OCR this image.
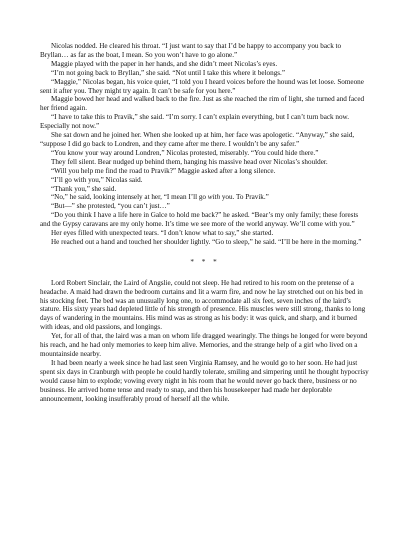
Nicolas nodded. He cleared his throat. “I just want to say that I’d be happy to accompany you back to Bryllan… as far as the boat, I mean. So you won’t have to go alone.”

Maggie played with the paper in her hands, and she didn’t meet Nicolas’s eyes.

“I’m not going back to Bryllan,” she said. “Not until I take this where it belongs.”

“Maggie,” Nicolas began, his voice quiet, “I told you I heard voices before the hound was let loose. Someone sent it after you. They might try again. It can’t be safe for you here.”

Maggie bowed her head and walked back to the fire. Just as she reached the rim of light, she turned and faced her friend again.

“I have to take this to Pravik,” she said. “I’m sorry. I can’t explain everything, but I can’t turn back now. Especially not now.”

She sat down and he joined her. When she looked up at him, her face was apologetic. “Anyway,” she said, “suppose I did go back to Londren, and they came after me there. I wouldn’t be any safer.”

“You know your way around Londren,” Nicolas protested, miserably. “You could hide there.”

They fell silent. Bear nudged up behind them, hanging his massive head over Nicolas’s shoulder.

“Will you help me find the road to Pravik?” Maggie asked after a long silence.

“I’ll go with you,” Nicolas said.

“Thank you,” she said.

“No,” he said, looking intensely at her, “I mean I’ll go with you. To Pravik.”

“But—” she protested, “you can’t just…”

“Do you think I have a life here in Galce to hold me back?” he asked. “Bear’s my only family; these forests and the Gypsy caravans are my only home. It’s time we see more of the world anyway. We’ll come with you.”

Her eyes filled with unexpected tears. “I don’t know what to say,” she started.

He reached out a hand and touched her shoulder lightly. “Go to sleep,” he said. “I’ll be here in the morning.”

* * *

Lord Robert Sinclair, the Laird of Angslie, could not sleep. He had retired to his room on the pretense of a headache. A maid had drawn the bedroom curtains and lit a warm fire, and now he lay stretched out on his bed in his stocking feet. The bed was an unusually long one, to accommodate all six feet, seven inches of the laird’s stature. His sixty years had depleted little of his strength of presence. His muscles were still strong, thanks to long days of wandering in the mountains. His mind was as strong as his body: it was quick, and sharp, and it burned with ideas, and old passions, and longings.

Yet, for all of that, the laird was a man on whom life dragged wearingly. The things he longed for were beyond his reach, and he had only memories to keep him alive. Memories, and the strange help of a girl who lived on a mountainside nearby.

It had been nearly a week since he had last seen Virginia Ramsey, and he would go to her soon. He had just spent six days in Cranburgh with people he could hardly tolerate, smiling and simpering until he thought hypocrisy would cause him to explode; vowing every night in his room that he would never go back there, business or no business. He arrived home tense and ready to snap, and then his housekeeper had made her deplorable announcement, looking insufferably proud of herself all the while.
